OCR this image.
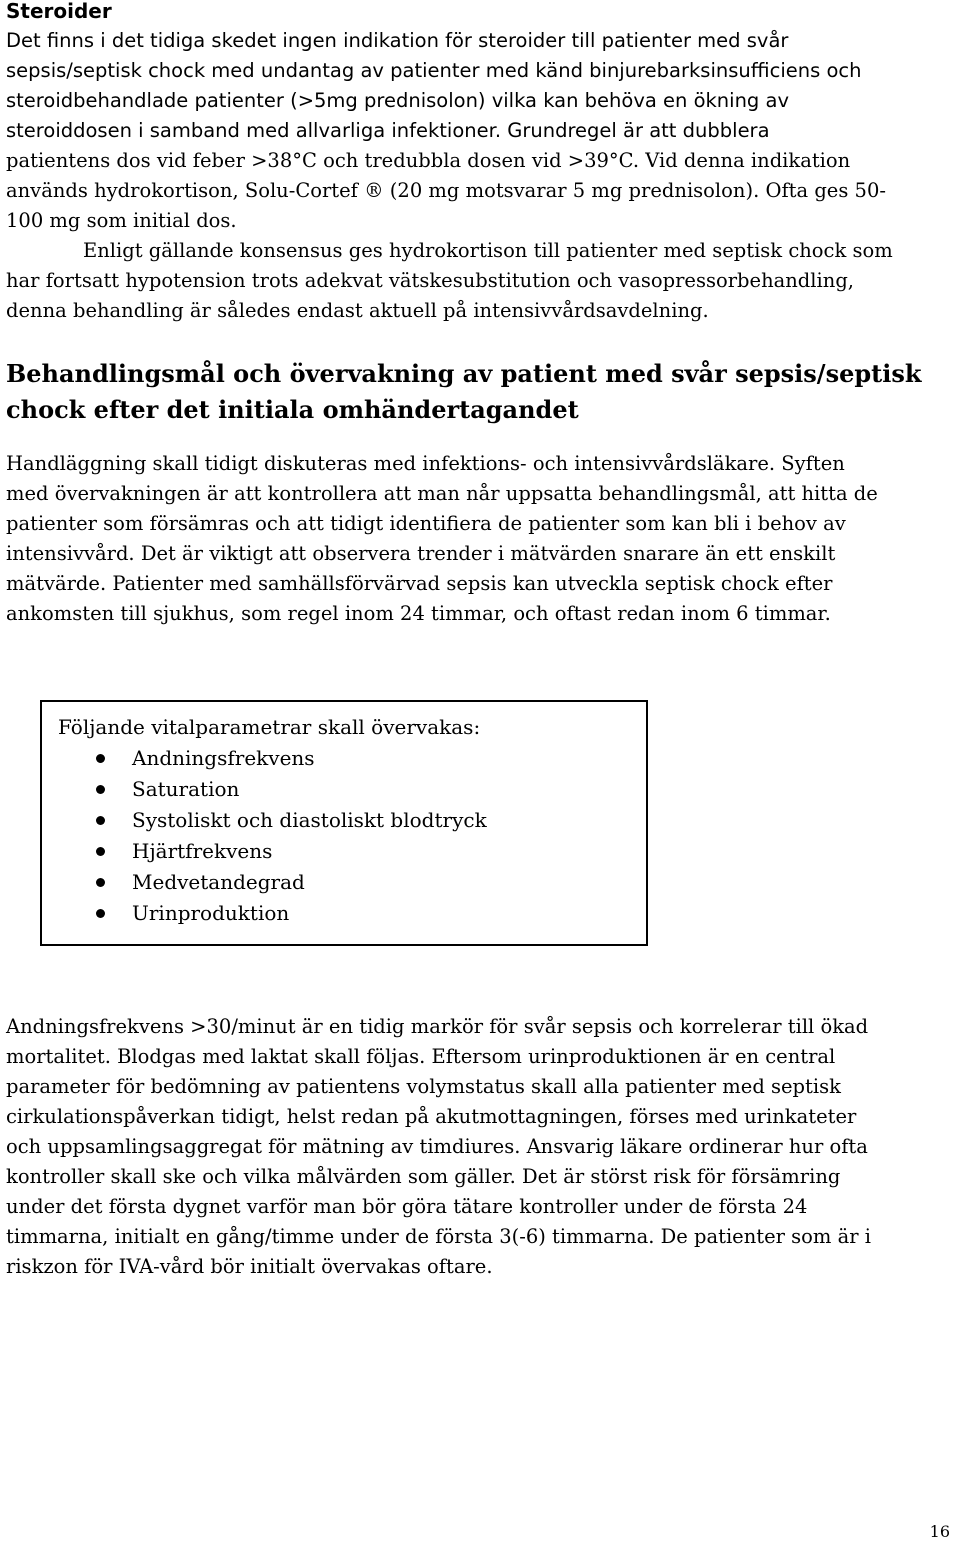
Steroider
Det finns i det tidiga skedet ingen indikation för steroider till patienter med svår
sepsis/septisk chock med undantag av patienter med känd binjurebarksinsufficiens och
steroidbehandlade patienter (>5mg prednisolon) vilka kan behöva en ökning av
steroiddosen i samband med allvarliga infektioner. Grundregel är att dubblera
patientens dos vid feber >38°C och tredubbla dosen vid >39°C. Vid denna indikation
används hydrokortison, Solu-Cortef ® (20 mg motsvarar 5 mg prednisolon). Ofta ges 50-
100 mg som initial dos.
Enligt gällande konsensus ges hydrokortison till patienter med septisk chock som
har fortsatt hypotension trots adekvat vätskesubstitution och vasopressorbehandling,
denna behandling är således endast aktuell på intensivvårdsavdelning.
Behandlingsmål och övervakning av patient med svår sepsis/septisk
chock efter det initiala omhändertagandet
Handläggning skall tidigt diskuteras med infektions- och intensivvårdsläkare. Syften
med övervakningen är att kontrollera att man når uppsatta behandlingsmål, att hitta de
patienter som försämras och att tidigt identifiera de patienter som kan bli i behov av
intensivvård. Det är viktigt att observera trender i mätvärden snarare än ett enskilt
mätvärde. Patienter med samhällsförvärvad sepsis kan utveckla septisk chock efter
ankomsten till sjukhus, som regel inom 24 timmar, och oftast redan inom 6 timmar.
Följande vitalparametrar skall övervakas:
Andningsfrekvens
Saturation
Systoliskt och diastoliskt blodtryck
Hjärtfrekvens
Medvetandegrad
Urinproduktion
Andningsfrekvens >30/minut är en tidig markör för svår sepsis och korrelerar till ökad
mortalitet. Blodgas med laktat skall följas. Eftersom urinproduktionen är en central
parameter för bedömning av patientens volymstatus skall alla patienter med septisk
cirkulationspåverkan tidigt, helst redan på akutmottagningen, förses med urinkateter
och uppsamlingsaggregat för mätning av timdiures. Ansvarig läkare ordinerar hur ofta
kontroller skall ske och vilka målvärden som gäller. Det är störst risk för försämring
under det första dygnet varför man bör göra tätare kontroller under de första 24
timmarna, initialt en gång/timme under de första 3(-6) timmarna. De patienter som är i
riskzon för IVA-vård bör initialt övervakas oftare.
16
